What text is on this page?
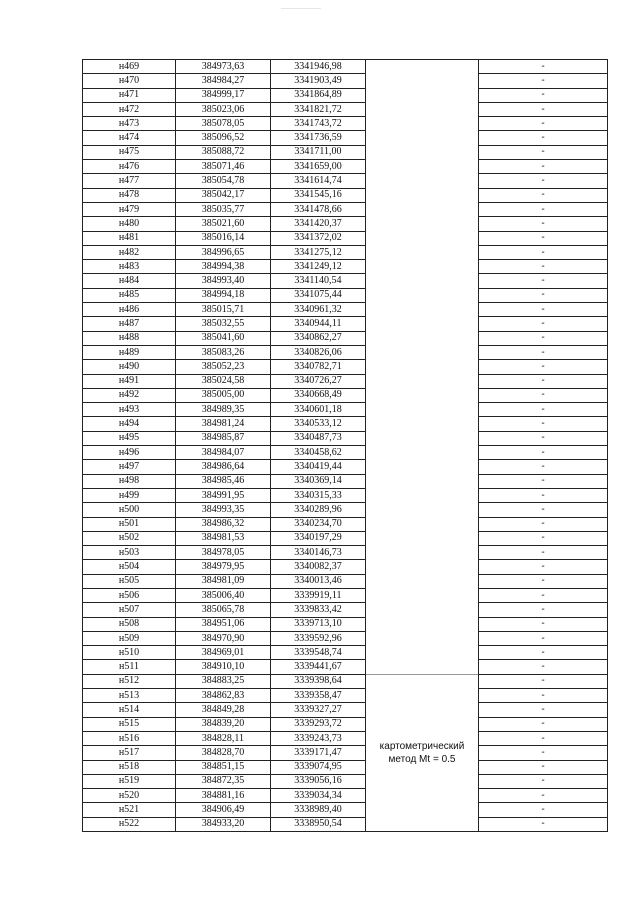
н469	384973,63	3341946,98		-
н470	384984,27	3341903,49		-
н471	384999,17	3341864,89		-
н472	385023,06	3341821,72		-
н473	385078,05	3341743,72		-
н474	385096,52	3341736,59		-
н475	385088,72	3341711,00		-
н476	385071,46	3341659,00		-
н477	385054,78	3341614,74		-
н478	385042,17	3341545,16		-
н479	385035,77	3341478,66		-
н480	385021,60	3341420,37		-
н481	385016,14	3341372,02		-
н482	384996,65	3341275,12		-
н483	384994,38	3341249,12		-
н484	384993,40	3341140,54		-
н485	384994,18	3341075,44		-
н486	385015,71	3340961,32		-
н487	385032,55	3340944,11		-
н488	385041,60	3340862,27		-
н489	385083,26	3340826,06		-
н490	385052,23	3340782,71		-
н491	385024,58	3340726,27		-
н492	385005,00	3340668,49		-
н493	384989,35	3340601,18		-
н494	384981,24	3340533,12		-
н495	384985,87	3340487,73		-
н496	384984,07	3340458,62		-
н497	384986,64	3340419,44		-
н498	384985,46	3340369,14		-
н499	384991,95	3340315,33		-
н500	384993,35	3340289,96		-
н501	384986,32	3340234,70		-
н502	384981,53	3340197,29		-
н503	384978,05	3340146,73		-
н504	384979,95	3340082,37		-
н505	384981,09	3340013,46		-
н506	385006,40	3339919,11		-
н507	385065,78	3339833,42		-
н508	384951,06	3339713,10		-
н509	384970,90	3339592,96		-
н510	384969,01	3339548,74		-
н511	384910,10	3339441,67		-
н512	384883,25	3339398,64	картометрический метод Mt = 0.5	-
н513	384862,83	3339358,47		-
н514	384849,28	3339327,27		-
н515	384839,20	3339293,72		-
н516	384828,11	3339243,73		-
н517	384828,70	3339171,47		-
н518	384851,15	3339074,95		-
н519	384872,35	3339056,16		-
н520	384881,16	3339034,34		-
н521	384906,49	3338989,40		-
н522	384933,20	3338950,54		-
